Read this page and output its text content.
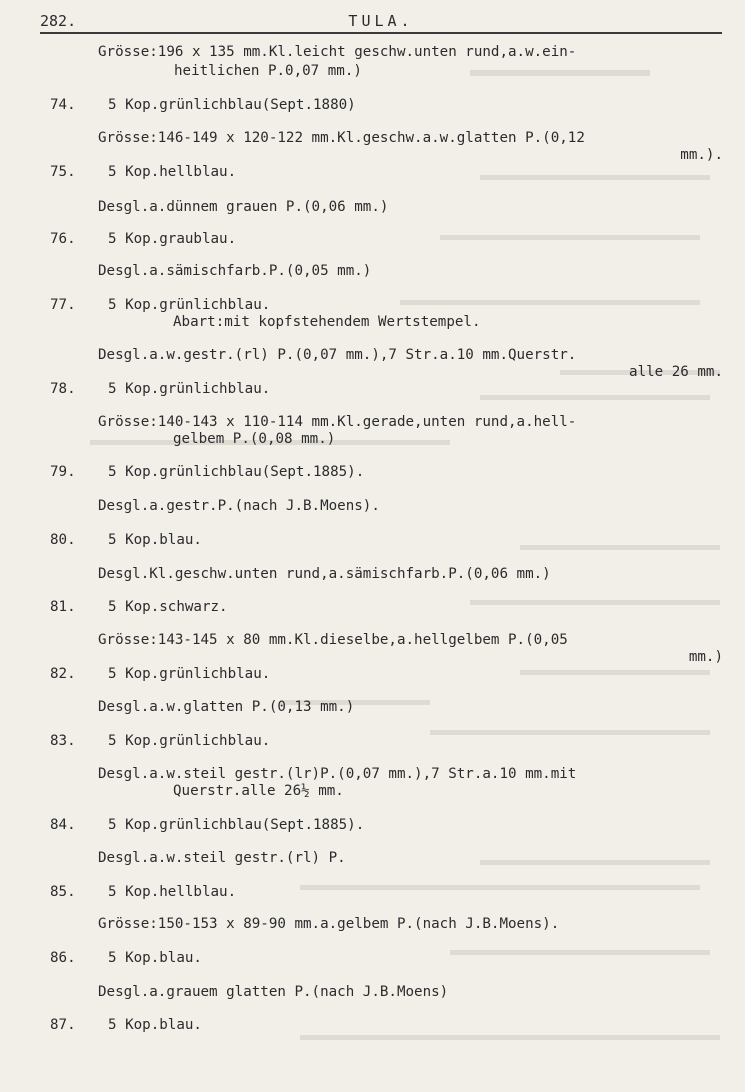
282.	TULA.
Grösse:196 x 135 mm.Kl.leicht geschw.unten rund,a.w.ein-
heitlichen P.0,07 mm.)
74. 5 Kop.grünlichblau(Sept.1880)
Grösse:146-149 x 120-122 mm.Kl.geschw.a.w.glatten P.(0,12
mm.).
75. 5 Kop.hellblau.
Desgl.a.dünnem grauen P.(0,06 mm.)
76. 5 Kop.graublau.
Desgl.a.sämischfarb.P.(0,05 mm.)
77. 5 Kop.grünlichblau.
Abart:mit kopfstehendem Wertstempel.
Desgl.a.w.gestr.(rl) P.(0,07 mm.),7 Str.a.10 mm.Querstr.
alle 26 mm.
78. 5 Kop.grünlichblau.
Grösse:140-143 x 110-114 mm.Kl.gerade,unten rund,a.hell-
gelbem P.(0,08 mm.)
79. 5 Kop.grünlichblau(Sept.1885).
Desgl.a.gestr.P.(nach J.B.Moens).
80. 5 Kop.blau.
Desgl.Kl.geschw.unten rund,a.sämischfarb.P.(0,06 mm.)
81. 5 Kop.schwarz.
Grösse:143-145 x 80 mm.Kl.dieselbe,a.hellgelbem P.(0,05
mm.)
82. 5 Kop.grünlichblau.
Desgl.a.w.glatten P.(0,13 mm.)
83. 5 Kop.grünlichblau.
Desgl.a.w.steil gestr.(lr)P.(0,07 mm.),7 Str.a.10 mm.mit
Querstr.alle 26½ mm.
84. 5 Kop.grünlichblau(Sept.1885).
Desgl.a.w.steil gestr.(rl) P.
85. 5 Kop.hellblau.
Grösse:150-153 x 89-90 mm.a.gelbem P.(nach J.B.Moens).
86. 5 Kop.blau.
Desgl.a.grauem glatten P.(nach J.B.Moens)
87. 5 Kop.blau.
